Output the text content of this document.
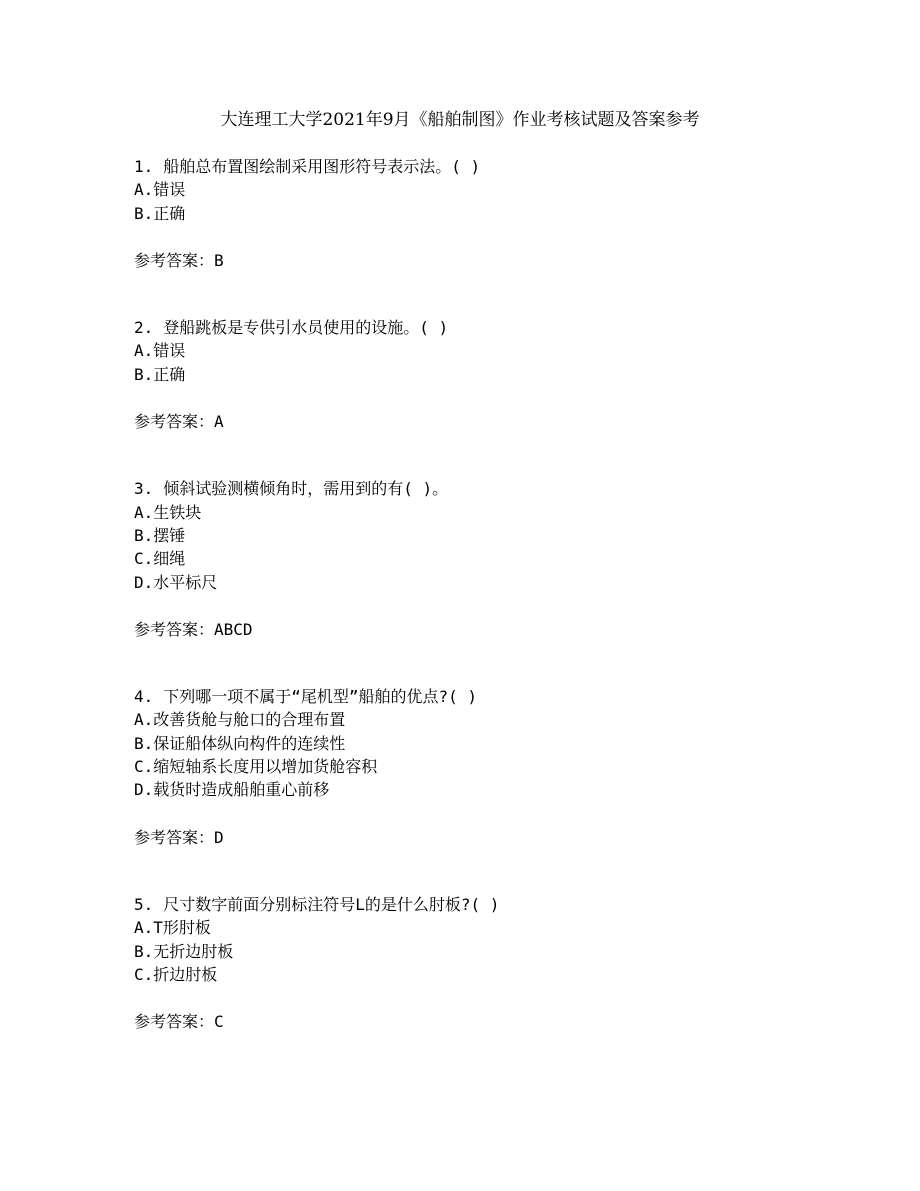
大连理工大学2021年9月《船舶制图》作业考核试题及答案参考
1. 船舶总布置图绘制采用图形符号表示法。( )
A.错误
B.正确
参考答案：B
2. 登船跳板是专供引水员使用的设施。( )
A.错误
B.正确
参考答案：A
3. 倾斜试验测横倾角时，需用到的有( )。
A.生铁块
B.摆锤
C.细绳
D.水平标尺
参考答案：ABCD
4. 下列哪一项不属于“尾机型”船舶的优点?( )
A.改善货舱与舱口的合理布置
B.保证船体纵向构件的连续性
C.缩短轴系长度用以增加货舱容积
D.载货时造成船舶重心前移
参考答案：D
5. 尺寸数字前面分别标注符号L的是什么肘板?( )
A.T形肘板
B.无折边肘板
C.折边肘板
参考答案：C
